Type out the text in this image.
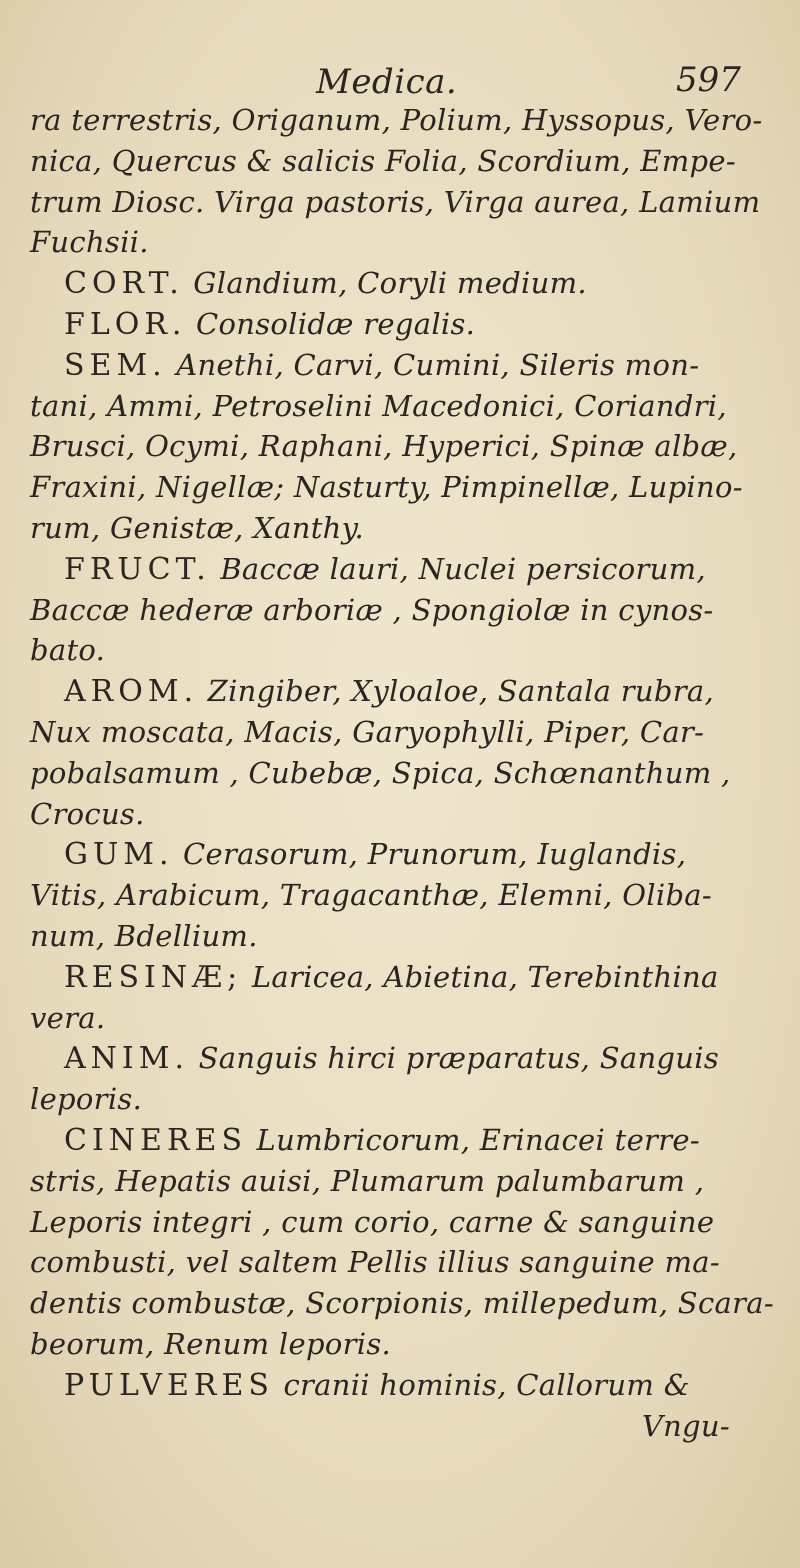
Medica.	597
ra terrestris, Origanum, Polium, Hyssopus, Vero-
nica, Quercus & salicis Folia, Scordium, Empe-
trum Diosc. Virga pastoris, Virga aurea, Lamium
Fuchsii.
CORT. Glandium, Coryli medium.
FLOR. Consolidæ regalis.
SEM. Anethi, Carvi, Cumini, Sileris mon-
tani, Ammi, Petroselini Macedonici, Coriandri,
Brusci, Ocymi, Raphani, Hyperici, Spinæ albæ,
Fraxini, Nigellæ; Nasturty, Pimpinellæ, Lupino-
rum, Genistæ, Xanthy.
FRUCT. Baccæ lauri, Nuclei persicorum,
Baccæ hederæ arboriæ , Spongiolæ in cynos-
bato.
AROM. Zingiber, Xyloaloe, Santala rubra,
Nux moscata, Macis, Garyophylli, Piper, Car-
pobalsamum , Cubebæ, Spica, Schœnanthum ,
Crocus.
GUM. Cerasorum, Prunorum, Iuglandis,
Vitis, Arabicum, Tragacanthæ, Elemni, Oliba-
num, Bdellium.
RESINÆ; Laricea, Abietina, Terebinthina
vera.
ANIM. Sanguis hirci præparatus, Sanguis
leporis.
CINERES Lumbricorum, Erinacei terre-
stris, Hepatis auisi, Plumarum palumbarum ,
Leporis integri , cum corio, carne & sanguine
combusti, vel saltem Pellis illius sanguine ma-
dentis combustæ, Scorpionis, millepedum, Scara-
beorum, Renum leporis.
PULVERES cranii hominis, Callorum &
Vngu-
